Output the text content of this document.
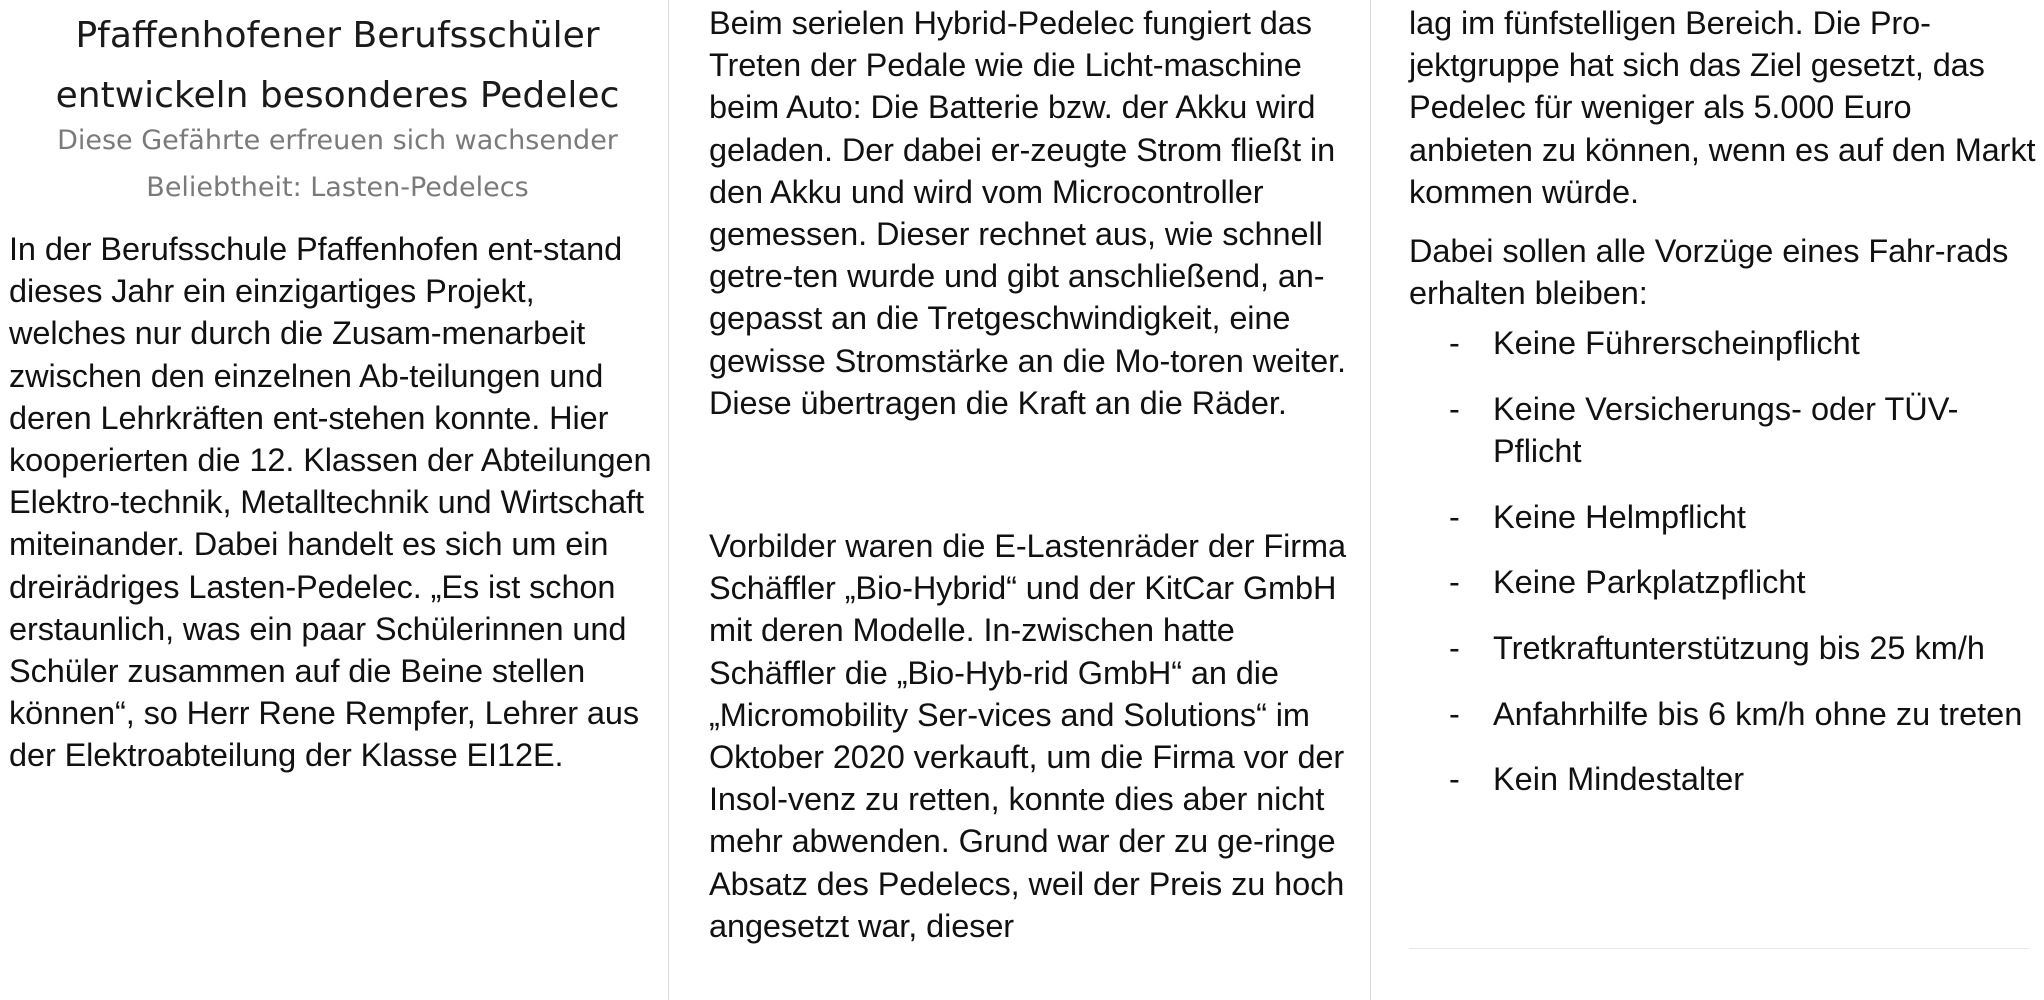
Pfaffenhofener Berufsschüler
entwickeln besonderes Pedelec
Diese Gefährte erfreuen sich wachsender
Beliebtheit: Lasten-Pedelecs

In der Berufsschule Pfaffenhofen ent-stand dieses Jahr ein einzigartiges Projekt, welches nur durch die Zusam-menarbeit zwischen den einzelnen Ab-teilungen und deren Lehrkräften ent-stehen konnte. Hier kooperierten die 12. Klassen der Abteilungen Elektro-technik, Metalltechnik und Wirtschaft miteinander. Dabei handelt es sich um ein dreirädriges Lasten-Pedelec. „Es ist schon erstaunlich, was ein paar Schülerinnen und Schüler zusammen auf die Beine stellen können“, so Herr Rene Rempfer, Lehrer aus der Elektroabteilung der Klasse EI12E.

Beim serielen Hybrid-Pedelec fungiert das Treten der Pedale wie die Licht-maschine beim Auto: Die Batterie bzw. der Akku wird geladen. Der dabei er-zeugte Strom fließt in den Akku und wird vom Microcontroller gemessen. Dieser rechnet aus, wie schnell getre-ten wurde und gibt anschließend, an-gepasst an die Tretgeschwindigkeit, eine gewisse Stromstärke an die Mo-toren weiter. Diese übertragen die Kraft an die Räder.

Vorbilder waren die E-Lastenräder der Firma Schäffler „Bio-Hybrid“ und der KitCar GmbH mit deren Modelle. In-zwischen hatte Schäffler die „Bio-Hyb-rid GmbH“ an die „Micromobility Ser-vices and Solutions“ im Oktober 2020 verkauft, um die Firma vor der Insol-venz zu retten, konnte dies aber nicht mehr abwenden. Grund war der zu ge-ringe Absatz des Pedelecs, weil der Preis zu hoch angesetzt war, dieser

lag im fünfstelligen Bereich. Die Pro-jektgruppe hat sich das Ziel gesetzt, das Pedelec für weniger als 5.000 Euro anbieten zu können, wenn es auf den Markt kommen würde.

Dabei sollen alle Vorzüge eines Fahr-rads erhalten bleiben:

- Keine Führerscheinpflicht
- Keine Versicherungs- oder TÜV-Pflicht
- Keine Helmpflicht
- Keine Parkplatzpflicht
- Tretkraftunterstützung bis 25 km/h
- Anfahrhilfe bis 6 km/h ohne zu treten
- Kein Mindestalter
